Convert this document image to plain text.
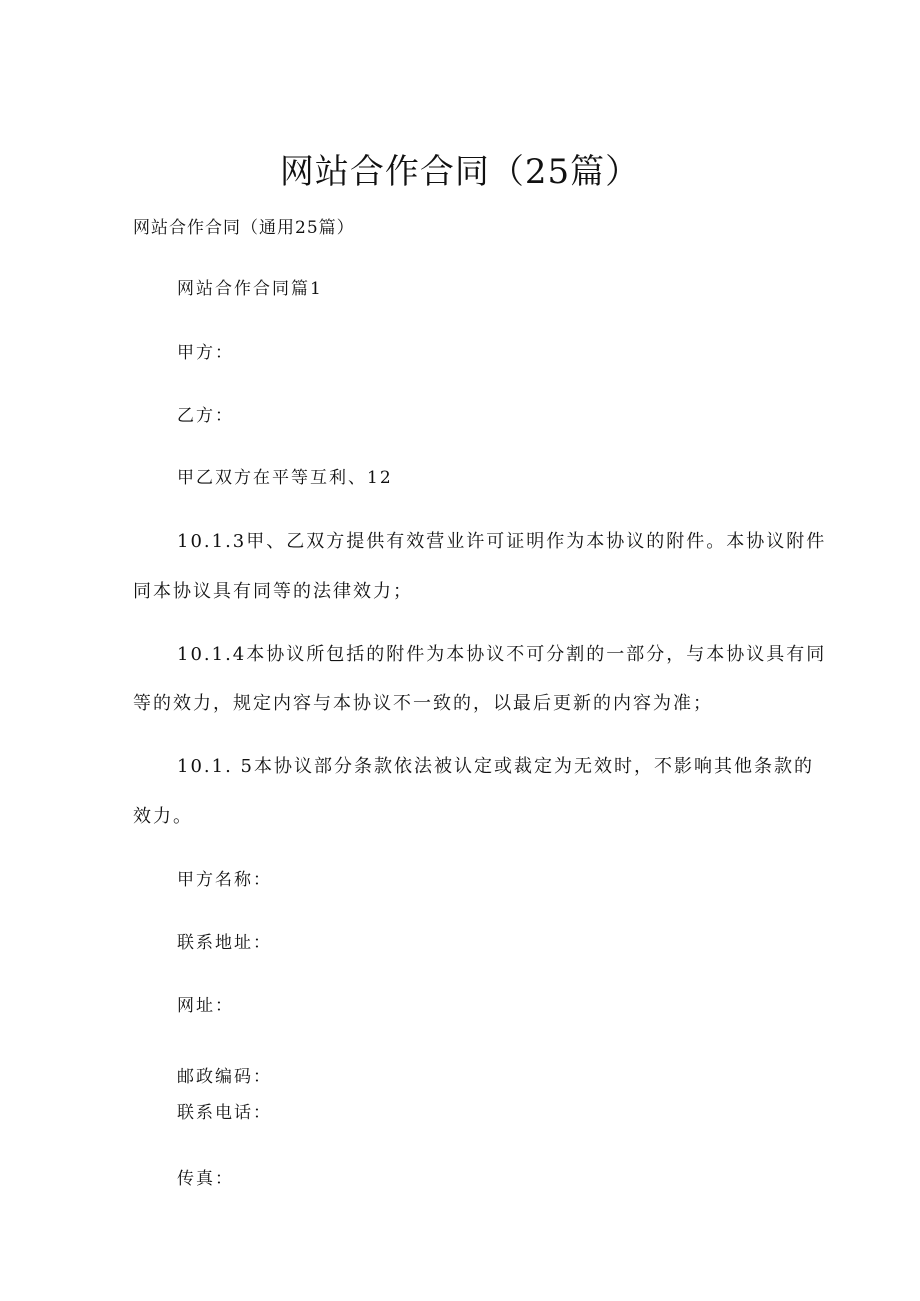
网站合作合同（25篇）
网站合作合同（通用25篇）
网站合作合同篇1
甲方：
乙方：
甲乙双方在平等互利、12
10.1.3甲、乙双方提供有效营业许可证明作为本协议的附件。本协议附件
同本协议具有同等的法律效力；
10.1.4本协议所包括的附件为本协议不可分割的一部分，与本协议具有同
等的效力，规定内容与本协议不一致的，以最后更新的内容为准；
10.1. 5本协议部分条款依法被认定或裁定为无效时，不影响其他条款的
效力。
甲方名称：
联系地址：
网址：
邮政编码：
联系电话：
传真：
